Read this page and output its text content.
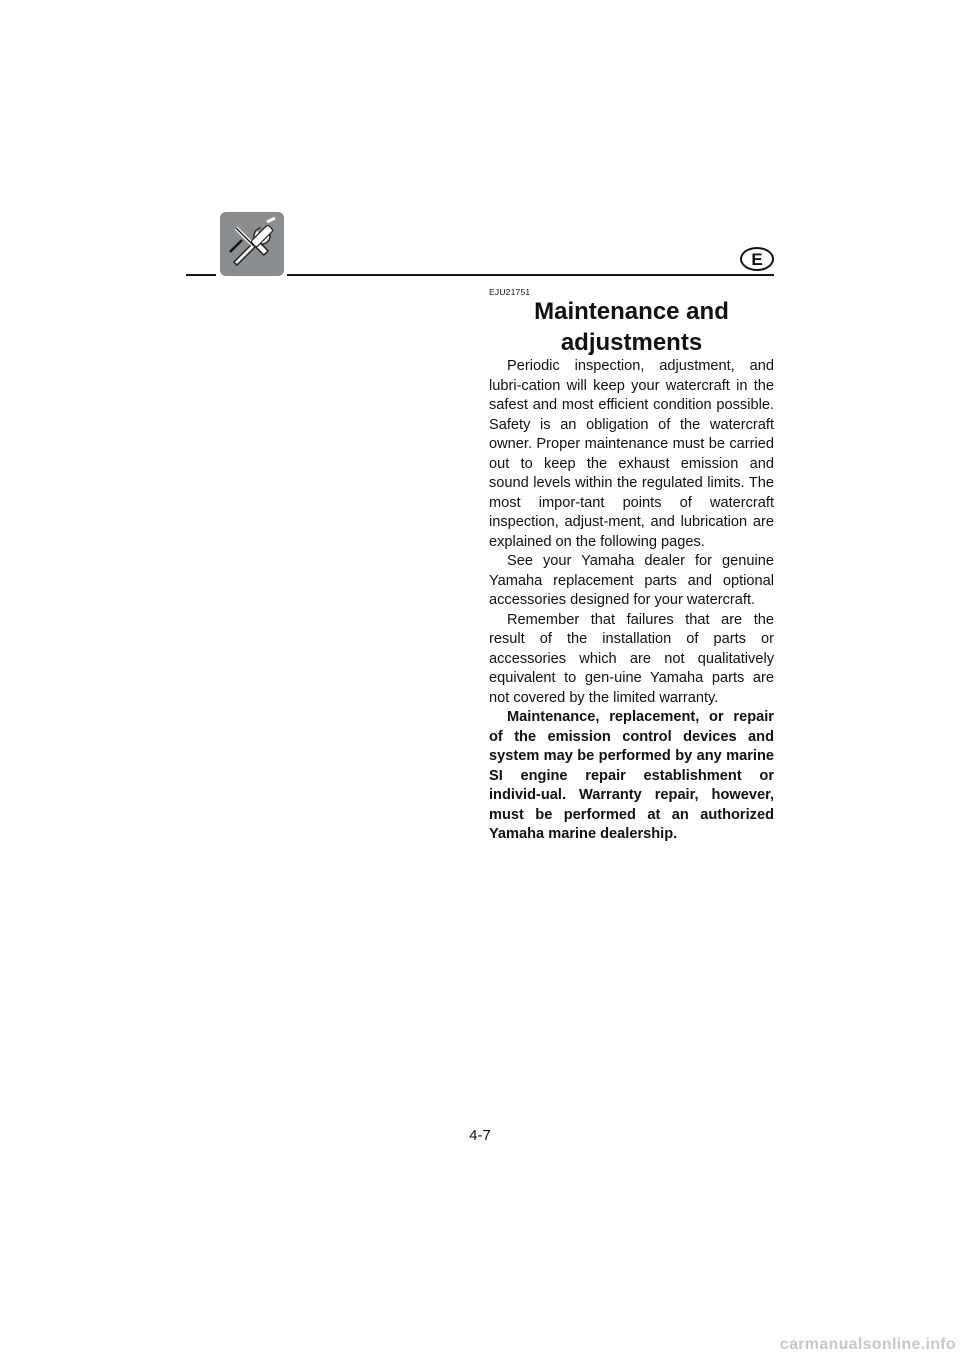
E
EJU21751
Maintenance and adjustments

Periodic inspection, adjustment, and lubri-cation will keep your watercraft in the safest and most efficient condition possible. Safety is an obligation of the watercraft owner. Proper maintenance must be carried out to keep the exhaust emission and sound levels within the regulated limits. The most impor-tant points of watercraft inspection, adjust-ment, and lubrication are explained on the following pages.

See your Yamaha dealer for genuine Yamaha replacement parts and optional accessories designed for your watercraft.

Remember that failures that are the result of the installation of parts or accessories which are not qualitatively equivalent to gen-uine Yamaha parts are not covered by the limited warranty.

Maintenance, replacement, or repair of the emission control devices and system may be performed by any marine SI engine repair establishment or individ-ual. Warranty repair, however, must be performed at an authorized Yamaha marine dealership.

4-7
carmanualsonline.info
